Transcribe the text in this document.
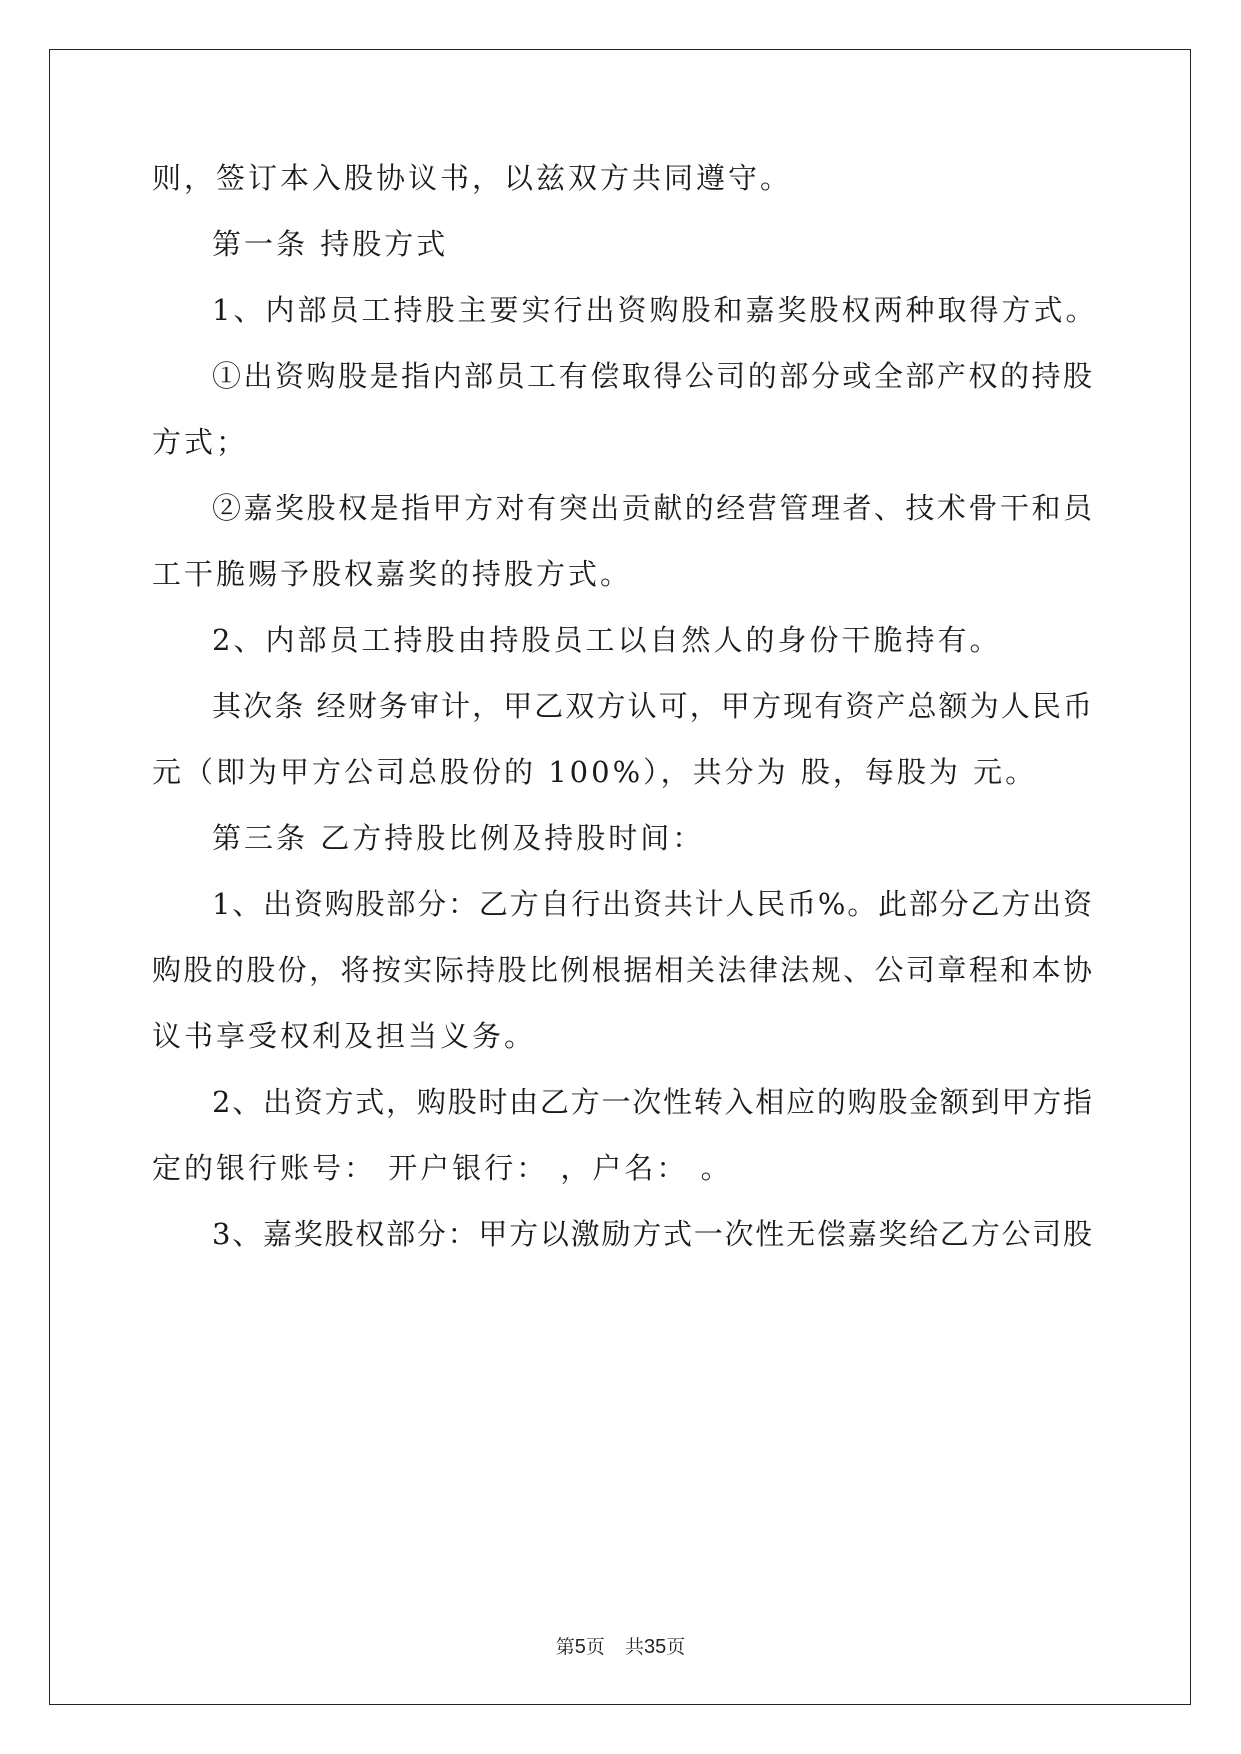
则，签订本入股协议书，以兹双方共同遵守。
第一条 持股方式
1、内部员工持股主要实行出资购股和嘉奖股权两种取得方式。
①出资购股是指内部员工有偿取得公司的部分或全部产权的持股
方式；
②嘉奖股权是指甲方对有突出贡献的经营管理者、技术骨干和员
工干脆赐予股权嘉奖的持股方式。
2、内部员工持股由持股员工以自然人的身份干脆持有。
其次条 经财务审计，甲乙双方认可，甲方现有资产总额为人民币
元（即为甲方公司总股份的 100%），共分为 股，每股为 元。
第三条 乙方持股比例及持股时间：
1、出资购股部分：乙方自行出资共计人民币%。此部分乙方出资
购股的股份，将按实际持股比例根据相关法律法规、公司章程和本协
议书享受权利及担当义务。
2、出资方式，购股时由乙方一次性转入相应的购股金额到甲方指
定的银行账号： 开户银行： ，户名： 。
3、嘉奖股权部分：甲方以激励方式一次性无偿嘉奖给乙方公司股
第5页 共35页
